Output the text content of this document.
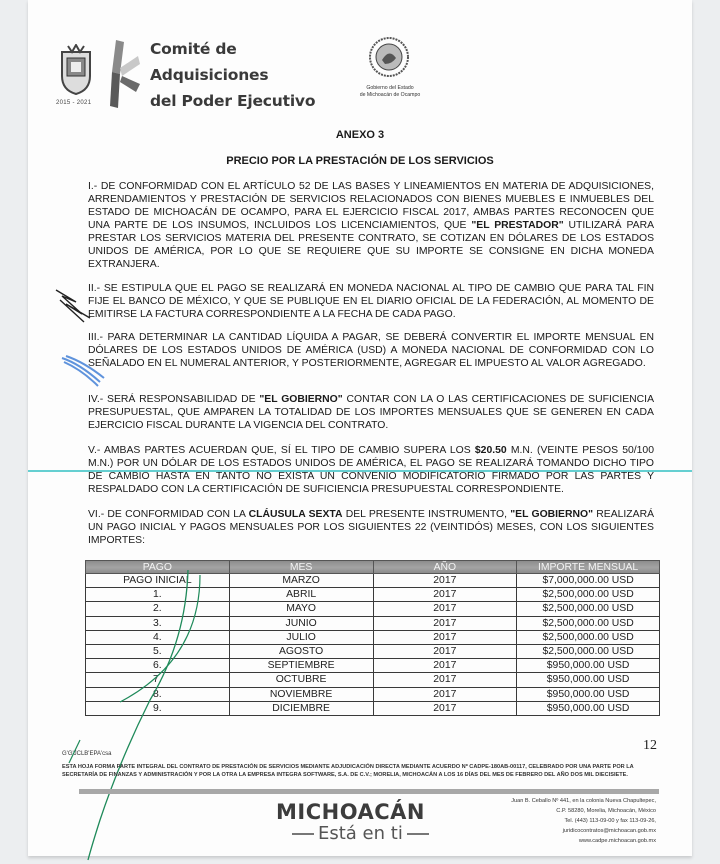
2015 - 2021
Comité de
Adquisiciones
del Poder Ejecutivo
Gobierno del Estado
de Michoacán de Ocampo
ANEXO 3
PRECIO POR LA PRESTACIÓN DE LOS SERVICIOS
I.- DE CONFORMIDAD CON EL ARTÍCULO 52 DE LAS BASES Y LINEAMIENTOS EN MATERIA DE ADQUISICIONES, ARRENDAMIENTOS Y PRESTACIÓN DE SERVICIOS RELACIONADOS CON BIENES MUEBLES E INMUEBLES DEL ESTADO DE MICHOACÁN DE OCAMPO, PARA EL EJERCICIO FISCAL 2017, AMBAS PARTES RECONOCEN QUE UNA PARTE DE LOS INSUMOS, INCLUIDOS LOS LICENCIAMIENTOS, QUE "EL PRESTADOR" UTILIZARÁ PARA PRESTAR LOS SERVICIOS MATERIA DEL PRESENTE CONTRATO, SE COTIZAN EN DÓLARES DE LOS ESTADOS UNIDOS DE AMÉRICA, POR LO QUE SE REQUIERE QUE SU IMPORTE SE CONSIGNE EN DICHA MONEDA EXTRANJERA.
II.- SE ESTIPULA QUE EL PAGO SE REALIZARÁ EN MONEDA NACIONAL AL TIPO DE CAMBIO QUE PARA TAL FIN FIJE EL BANCO DE MÉXICO, Y QUE SE PUBLIQUE EN EL DIARIO OFICIAL DE LA FEDERACIÓN, AL MOMENTO DE EMITIRSE LA FACTURA CORRESPONDIENTE A LA FECHA DE CADA PAGO.
III.- PARA DETERMINAR LA CANTIDAD LÍQUIDA A PAGAR, SE DEBERÁ CONVERTIR EL IMPORTE MENSUAL EN DÓLARES DE LOS ESTADOS UNIDOS DE AMÉRICA (USD) A MONEDA NACIONAL DE CONFORMIDAD CON LO SEÑALADO EN EL NUMERAL ANTERIOR, Y POSTERIORMENTE, AGREGAR EL IMPUESTO AL VALOR AGREGADO.
IV.- SERÁ RESPONSABILIDAD DE "EL GOBIERNO" CONTAR CON LA O LAS CERTIFICACIONES DE SUFICIENCIA PRESUPUESTAL, QUE AMPAREN LA TOTALIDAD DE LOS IMPORTES MENSUALES QUE SE GENEREN EN CADA EJERCICIO FISCAL DURANTE LA VIGENCIA DEL CONTRATO.
V.- AMBAS PARTES ACUERDAN QUE, SÍ EL TIPO DE CAMBIO SUPERA LOS $20.50 M.N. (VEINTE PESOS 50/100 M.N.) POR UN DÓLAR DE LOS ESTADOS UNIDOS DE AMÉRICA, EL PAGO SE REALIZARÁ TOMANDO DICHO TIPO DE CAMBIO HASTA EN TANTO NO EXISTA UN CONVENIO MODIFICATORIO FIRMADO POR LAS PARTES Y RESPALDADO CON LA CERTIFICACIÓN DE SUFICIENCIA PRESUPUESTAL CORRESPONDIENTE.
VI.- DE CONFORMIDAD CON LA CLÁUSULA SEXTA DEL PRESENTE INSTRUMENTO, "EL GOBIERNO" REALIZARÁ UN PAGO INICIAL Y PAGOS MENSUALES POR LOS SIGUIENTES 22 (VEINTIDÓS) MESES, CON LOS SIGUIENTES IMPORTES:
PAGO	MES	AÑO	IMPORTE MENSUAL
PAGO INICIAL	MARZO	2017	$7,000,000.00 USD
1.	ABRIL	2017	$2,500,000.00 USD
2.	MAYO	2017	$2,500,000.00 USD
3.	JUNIO	2017	$2,500,000.00 USD
4.	JULIO	2017	$2,500,000.00 USD
5.	AGOSTO	2017	$2,500,000.00 USD
6.	SEPTIEMBRE	2017	$950,000.00 USD
7.	OCTUBRE	2017	$950,000.00 USD
8.	NOVIEMBRE	2017	$950,000.00 USD
9.	DICIEMBRE	2017	$950,000.00 USD
12
G'G'JCLB'EPA'csa
ESTA HOJA FORMA PARTE INTEGRAL DEL CONTRATO DE PRESTACIÓN DE SERVICIOS MEDIANTE ADJUDICACIÓN DIRECTA MEDIANTE ACUERDO Nº CADPE-180AB-00117, CELEBRADO POR UNA PARTE POR LA SECRETARÍA DE FINANZAS Y ADMINISTRACIÓN Y POR LA OTRA LA EMPRESA INTEGRA SOFTWARE, S.A. DE C.V.; MORELIA, MICHOACÁN A LOS 16 DÍAS DEL MES DE FEBRERO DEL AÑO DOS MIL DIECISIETE.
MICHOACÁN
Está en ti
Juan B. Ceballo Nº 441, en la colonia Nueva Chapultepec,
C.P. 58280, Morelia, Michoacán, México
Tel. (443) 113-09-00 y fax 113-09-26,
juridicocontratos@michoacan.gob.mx
www.cadpe.michoacan.gob.mx
